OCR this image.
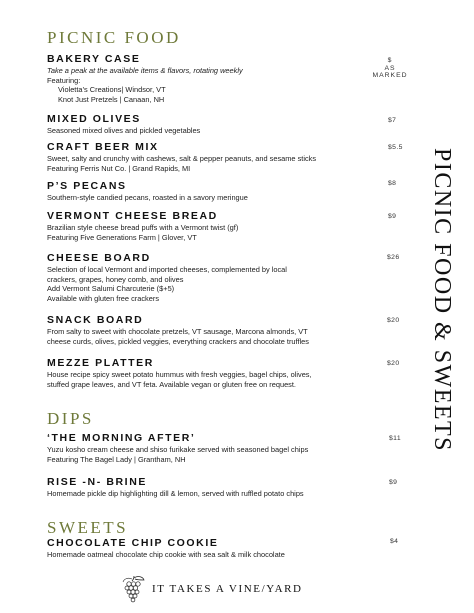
PICNIC FOOD
BAKERY CASE
Take a peak at the available items & flavors, rotating weekly
Featuring:
Violetta’s Creations| Windsor, VT
Knot Just Pretzels | Canaan, NH
$
AS
MARKED
MIXED OLIVES
Seasoned mixed olives and pickled vegetables
$7
CRAFT BEER MIX
Sweet, salty and crunchy with cashews, salt & pepper peanuts, and sesame sticks
Featuring Ferris Nut Co. | Grand Rapids, MI
$5.5
P’S PECANS
Southern-style candied pecans, roasted in a savory meringue
$8
VERMONT CHEESE BREAD
Brazilian style cheese bread puffs with a Vermont twist (gf)
Featuring Five Generations Farm | Glover, VT
$9
CHEESE BOARD
Selection of local Vermont and imported cheeses, complemented by local
crackers, grapes, honey comb, and olives
Add Vermont Salumi Charcuterie ($+5)
Available with gluten free crackers
$26
SNACK BOARD
From salty to sweet with chocolate pretzels, VT sausage, Marcona almonds, VT
cheese curds, olives, pickled veggies, everything crackers and chocolate truffles
$20
MEZZE PLATTER
House recipe spicy sweet potato hummus with fresh veggies, bagel chips, olives,
stuffed grape leaves, and VT feta. Available vegan or gluten free on request.
$20
DIPS
‘THE MORNING AFTER’
Yuzu kosho cream cheese and shiso furikake served with seasoned bagel chips
Featuring The Bagel Lady | Grantham, NH
$11
RISE -N- BRINE
Homemade pickle dip highlighting dill & lemon, served with ruffled potato chips
$9
SWEETS
CHOCOLATE CHIP COOKIE
Homemade oatmeal chocolate chip cookie with sea salt & milk chocolate
$4
PICNIC FOOD & SWEETS
IT TAKES A VINE/YARD
